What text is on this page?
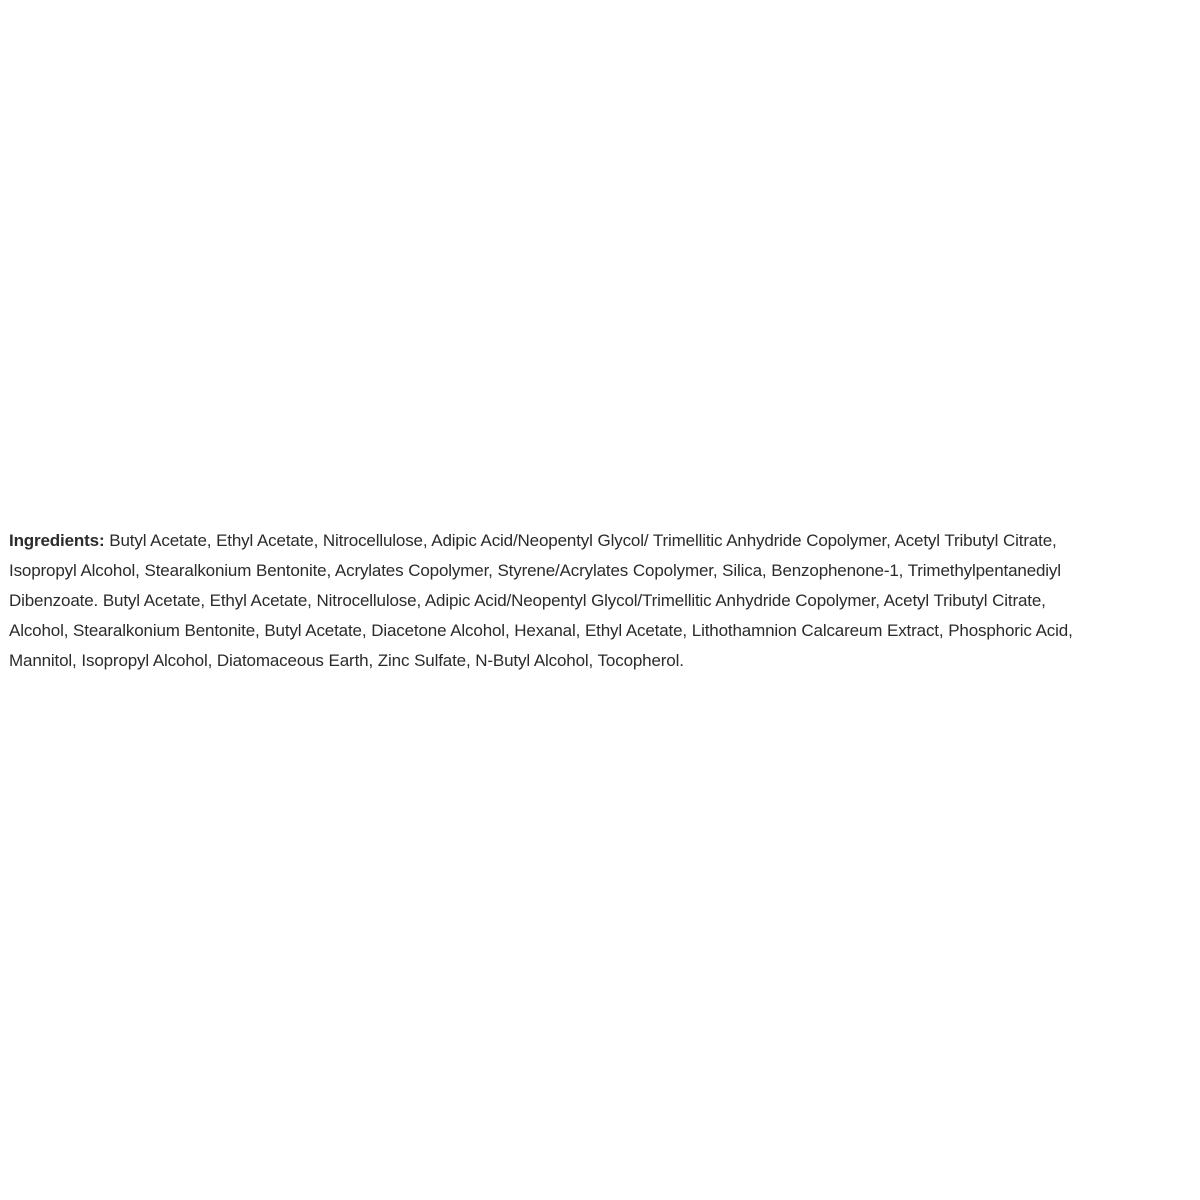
Ingredients: Butyl Acetate, Ethyl Acetate, Nitrocellulose, Adipic Acid/Neopentyl Glycol/ Trimellitic Anhydride Copolymer, Acetyl Tributyl Citrate,
Isopropyl Alcohol, Stearalkonium Bentonite, Acrylates Copolymer, Styrene/Acrylates Copolymer, Silica, Benzophenone-1, Trimethylpentanediyl
Dibenzoate. Butyl Acetate, Ethyl Acetate, Nitrocellulose, Adipic Acid/Neopentyl Glycol/Trimellitic Anhydride Copolymer, Acetyl Tributyl Citrate,
Alcohol, Stearalkonium Bentonite, Butyl Acetate, Diacetone Alcohol, Hexanal, Ethyl Acetate, Lithothamnion Calcareum Extract, Phosphoric Acid,
Mannitol, Isopropyl Alcohol, Diatomaceous Earth, Zinc Sulfate, N-Butyl Alcohol, Tocopherol.
